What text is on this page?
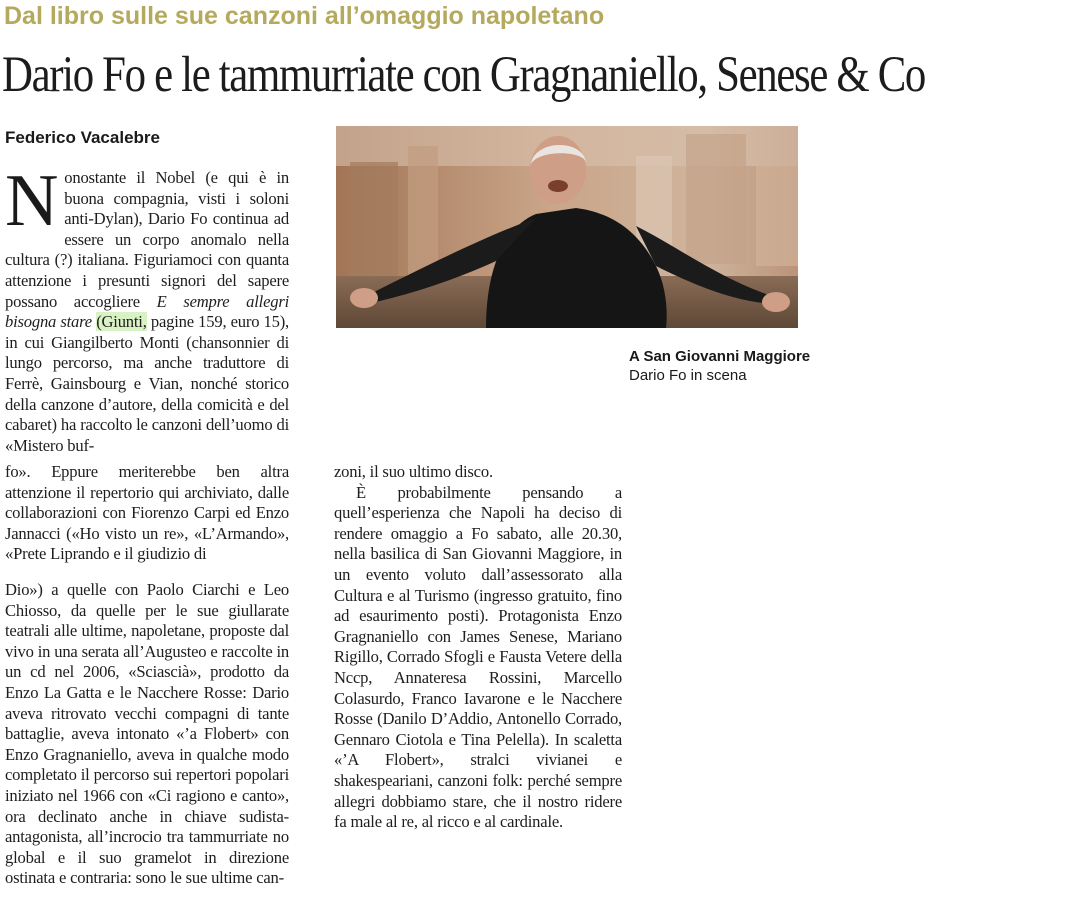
Dal libro sulle sue canzoni all’omaggio napoletano
Dario Fo e le tammurriate con Gragnaniello, Senese & Co
Federico Vacalebre
Nonostante il Nobel (e qui è in buona compagnia, visti i soloni anti-Dylan), Dario Fo continua ad essere un corpo anomalo nella cultura (?) italiana. Figuriamoci con quanta attenzione i presunti signori del sapere possano accogliere E sempre allegri bisogna stare (Giunti, pagine 159, euro 15), in cui Giangilberto Monti (chansonnier di lungo percorso, ma anche traduttore di Ferrè, Gainsbourg e Vian, nonché storico della canzone d’autore, della comicità e del cabaret) ha raccolto le canzoni dell’uomo di «Mistero buf-
fo». Eppure meriterebbe ben altra attenzione il repertorio qui archiviato, dalle collaborazioni con Fiorenzo Carpi ed Enzo Jannacci («Ho visto un re», «L’Armando», «Prete Liprando e il giudizio di
Dio») a quelle con Paolo Ciarchi e Leo Chiosso, da quelle per le sue giullarate teatrali alle ultime, napoletane, proposte dal vivo in una serata all’Augusteo e raccolte in un cd nel 2006, «Sciascià», prodotto da Enzo La Gatta e le Nacchere Rosse: Dario aveva ritrovato vecchi compagni di tante battaglie, aveva intonato «’a Flobert» con Enzo Gragnaniello, aveva in qualche modo completato il percorso sui repertori popolari iniziato nel 1966 con «Ci ragiono e canto», ora declinato anche in chiave sudista-antagonista, all’incrocio tra tammurriate no global e il suo gramelot in direzione ostinata e contraria: sono le sue ultime can-
zoni, il suo ultimo disco.
È probabilmente pensando a quell’esperienza che Napoli ha deciso di rendere omaggio a Fo sabato, alle 20.30, nella basilica di San Giovanni Maggiore, in un evento voluto dall’assessorato alla Cultura e al Turismo (ingresso gratuito, fino ad esaurimento posti). Protagonista Enzo Gragnaniello con James Senese, Mariano Rigillo, Corrado Sfogli e Fausta Vetere della Nccp, Annateresa Rossini, Marcello Colasurdo, Franco Iavarone e le Nacchere Rosse (Danilo D’Addio, Antonello Corrado, Gennaro Ciotola e Tina Pelella). In scaletta «’A Flobert», stralci vivianei e shakespeariani, canzoni folk: perché sempre allegri dobbiamo stare, che il nostro ridere fa male al re, al ricco e al cardinale.
A San Giovanni Maggiore
Dario Fo in scena
